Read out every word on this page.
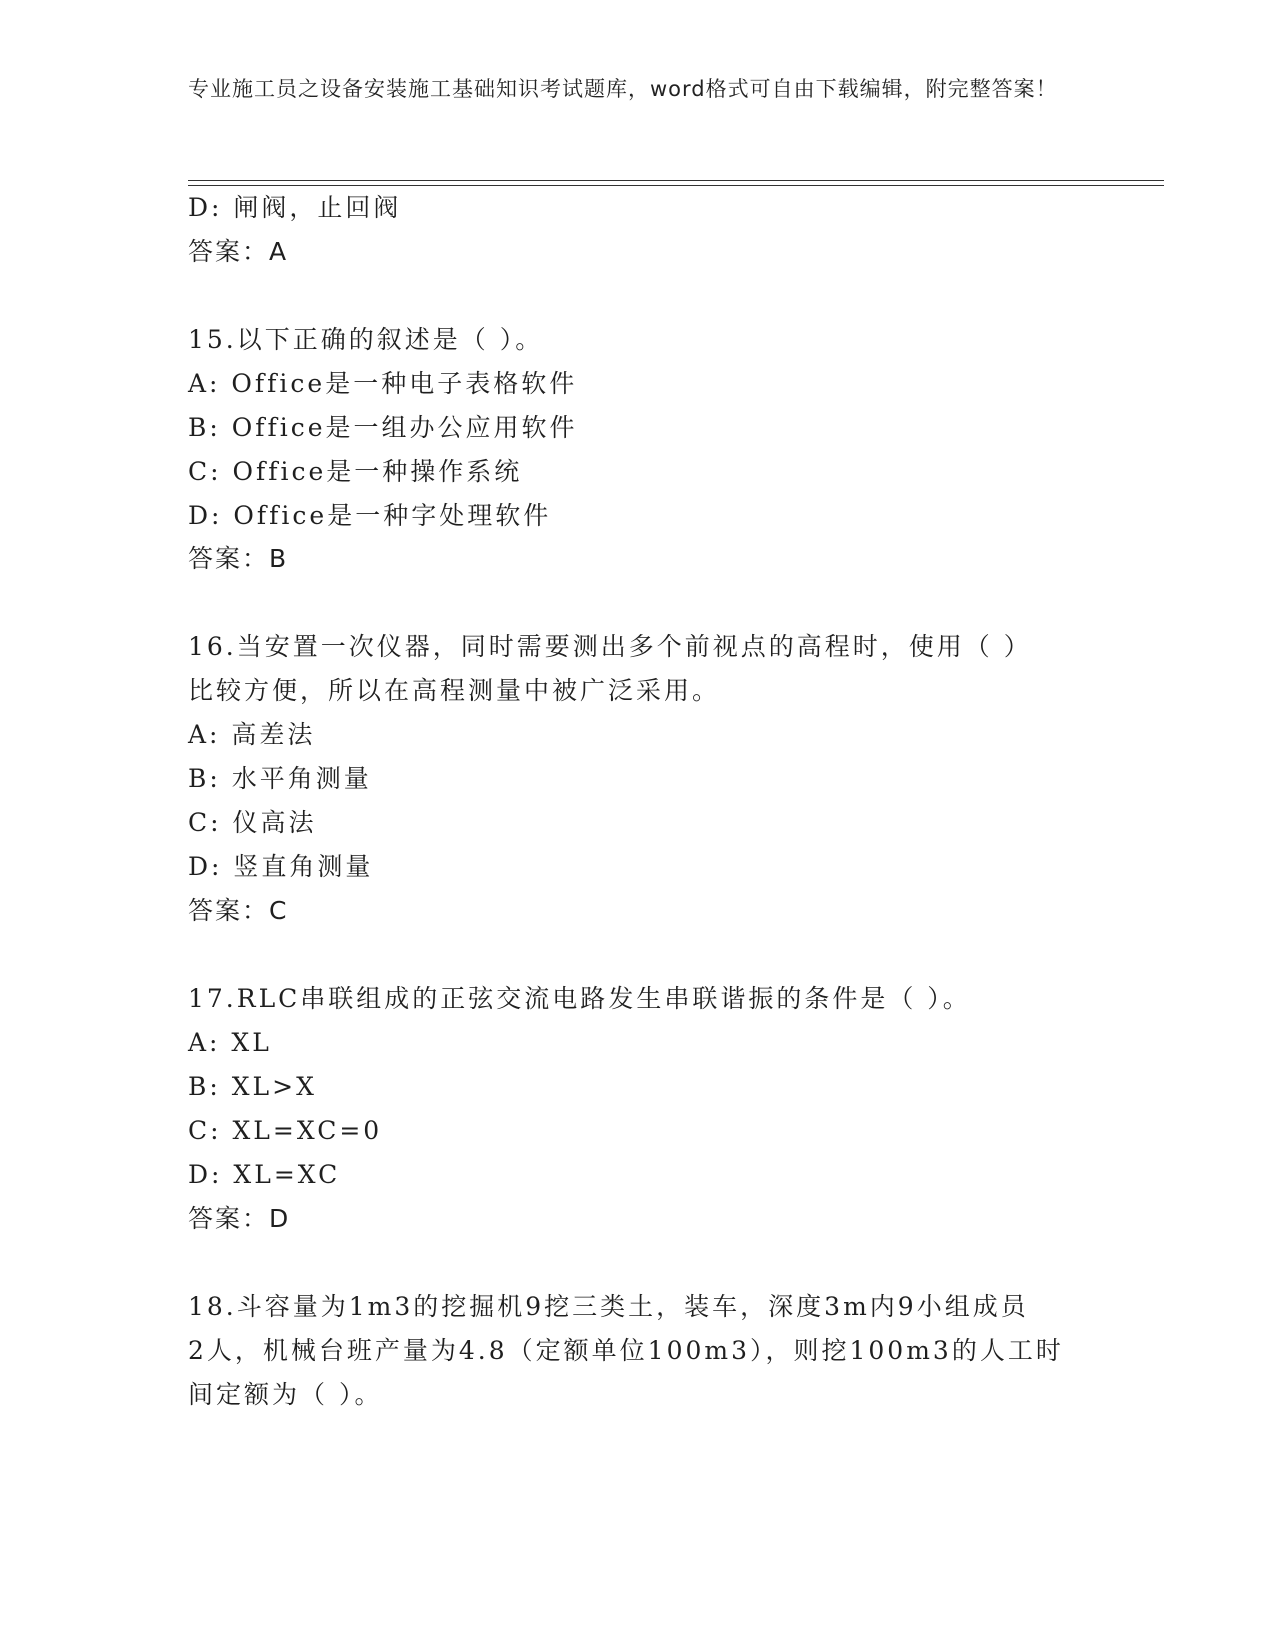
专业施工员之设备安装施工基础知识考试题库，word格式可自由下载编辑，附完整答案！
D: 闸阀，止回阀
答案：A
15.以下正确的叙述是（ ）。
A: Office是一种电子表格软件
B: Office是一组办公应用软件
C: Office是一种操作系统
D: Office是一种字处理软件
答案：B
16.当安置一次仪器，同时需要测出多个前视点的高程时，使用（ ）
比较方便，所以在高程测量中被广泛采用。
A: 高差法
B: 水平角测量
C: 仪高法
D: 竖直角测量
答案：C
17.RLC串联组成的正弦交流电路发生串联谐振的条件是（ ）。
A: XL
B: XL>X
C: XL=XC=0
D: XL=XC
答案：D
18.斗容量为1m3的挖掘机9挖三类土，装车，深度3m内9小组成员
2人，机械台班产量为4.8（定额单位100m3），则挖100m3的人工时
间定额为（ ）。
